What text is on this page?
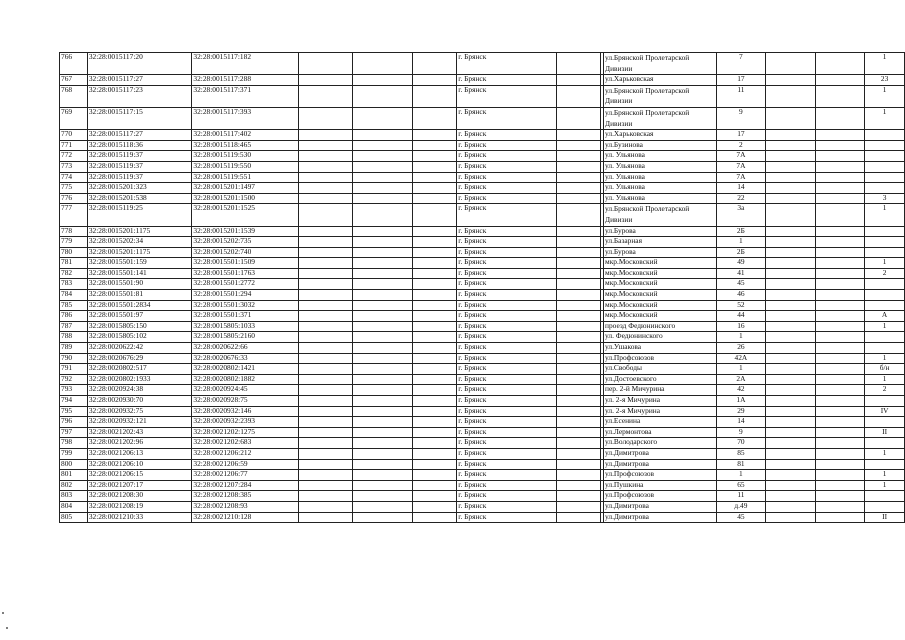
766	32:28:0015117:20	32:28:0015117:182				г. Брянск			ул.Брянской Пролетарской Дивизии	7			1
767	32:28:0015117:27	32:28:0015117:288				г. Брянск			ул.Харьковская	17			23
768	32:28:0015117:23	32:28:0015117:371				г. Брянск			ул.Брянской Пролетарской Дивизии	11			1
769	32:28:0015117:15	32:28:0015117:393				г. Брянск			ул.Брянской Пролетарской Дивизии	9			1
770	32:28:0015117:27	32:28:0015117:402				г. Брянск			ул.Харьковская	17			
771	32:28:0015118:36	32:28:0015118:465				г. Брянск			ул.Бузинова	2			
772	32:28:0015119:37	32:28:0015119:530				г. Брянск			ул. Ульянова	7А			
773	32:28:0015119:37	32:28:0015119:550				г. Брянск			ул. Ульянова	7А			
774	32:28:0015119:37	32:28:0015119:551				г. Брянск			ул. Ульянова	7А			
775	32:28:0015201:323	32:28:0015201:1497				г. Брянск			ул. Ульянова	14			
776	32:28:0015201:538	32:28:0015201:1500				г. Брянск			ул. Ульянова	22			3
777	32:28:0015119:25	32:28:0015201:1525				г. Брянск			ул.Брянской Пролетарской Дивизии	3а			1
778	32:28:0015201:1175	32:28:0015201:1539				г. Брянск			ул.Бурова	2Б			
779	32:28:0015202:34	32:28:0015202:735				г. Брянск			ул.Базарная	1			
780	32:28:0015201:1175	32:28:0015202:740				г. Брянск			ул.Бурова	2Б			
781	32:28:0015501:159	32:28:0015501:1509				г. Брянск			мкр.Московский	49			1
782	32:28:0015501:141	32:28:0015501:1763				г. Брянск			мкр.Московский	41			2
783	32:28:0015501:90	32:28:0015501:2772				г. Брянск			мкр.Московский	45			
784	32:28:0015501:81	32:28:0015501:294				г. Брянск			мкр.Московский	46			
785	32:28:0015501:2834	32:28:0015501:3032				г. Брянск			мкр.Московский	52			
786	32:28:0015501:97	32:28:0015501:371				г. Брянск			мкр.Московский	44			А
787	32:28:0015805:150	32:28:0015805:1033				г. Брянск			проезд Федюнинского	16			1
788	32:28:0015805:102	32:28:0015805:2160				г. Брянск			ул. Федюнинского	1			
789	32:28:0020622:42	32:28:0020622:66				г. Брянск			ул.Ушакова	26			
790	32:28:0020676:29	32:28:0020676:33				г. Брянск			ул.Профсоюзов	42А			1
791	32:28:0020802:517	32:28:0020802:1421				г. Брянск			ул.Свободы	1			б/н
792	32:28:0020802:1933	32:28:0020802:1882				г. Брянск			ул.Достоевского	2А			1
793	32:28:0020924:38	32:28:0020924:45				г. Брянск			пер. 2-й Мичурина	42			2
794	32:28:0020930:70	32:28:0020928:75				г. Брянск			ул. 2-я Мичурина	1А			
795	32:28:0020932:75	32:28:0020932:146				г. Брянск			ул. 2-я Мичурина	29			IV
796	32:28:0020932:121	32:28:0020932:2393				г. Брянск			ул.Есенина	14			
797	32:28:0021202:43	32:28:0021202:1275				г. Брянск			ул.Лермонтова	9			II
798	32:28:0021202:96	32:28:0021202:683				г. Брянск			ул.Володарского	70			
799	32:28:0021206:13	32:28:0021206:212				г. Брянск			ул.Димитрова	85			1
800	32:28:0021206:10	32:28:0021206:59				г. Брянск			ул.Димитрова	81			
801	32:28:0021206:15	32:28:0021206:77				г. Брянск			ул.Профсоюзов	1			1
802	32:28:0021207:17	32:28:0021207:284				г. Брянск			ул.Пушкина	65			1
803	32:28:0021208:30	32:28:0021208:385				г. Брянск			ул.Профсоюзов	11			
804	32:28:0021208:19	32:28:0021208:93				г. Брянск			ул.Димитрова	д.49			
805	32:28:0021210:33	32:28:0021210:128				г. Брянск			ул.Димитрова	45			II
